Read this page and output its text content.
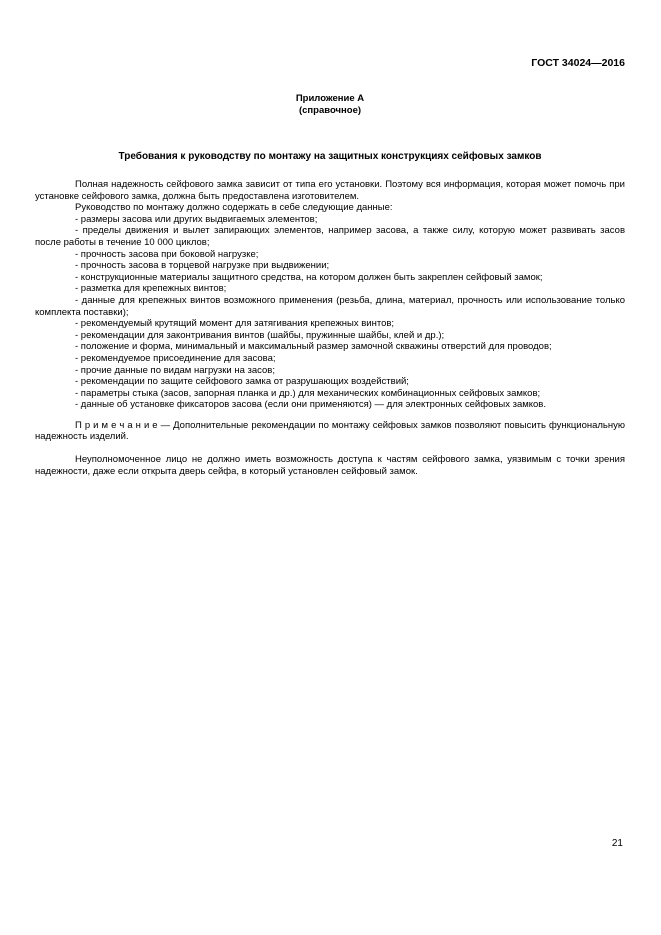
ГОСТ 34024—2016
Приложение А
(справочное)
Требования к руководству по монтажу на защитных конструкциях сейфовых замков

Полная надежность сейфового замка зависит от типа его установки. Поэтому вся информация, которая может помочь при установке сейфового замка, должна быть предоставлена изготовителем.

Руководство по монтажу должно содержать в себе следующие данные:

- размеры засова или других выдвигаемых элементов;

- пределы движения и вылет запирающих элементов, например засова, а также силу, которую может развивать засов после работы в течение 10 000 циклов;

- прочность засова при боковой нагрузке;

- прочность засова в торцевой нагрузке при выдвижении;

- конструкционные материалы защитного средства, на котором должен быть закреплен сейфовый замок;

- разметка для крепежных винтов;

- данные для крепежных винтов возможного применения (резьба, длина, материал, прочность или использование только комплекта поставки);

- рекомендуемый крутящий момент для затягивания крепежных винтов;

- рекомендации для законтривания винтов (шайбы, пружинные шайбы, клей и др.);

- положение и форма, минимальный и максимальный размер замочной скважины отверстий для проводов;

- рекомендуемое присоединение для засова;

- прочие данные по видам нагрузки на засов;

- рекомендации по защите сейфового замка от разрушающих воздействий;

- параметры стыка (засов, запорная планка и др.) для механических комбинационных сейфовых замков;

- данные об установке фиксаторов засова (если они применяются) — для электронных сейфовых замков.

П р и м е ч а н и е — Дополнительные рекомендации по монтажу сейфовых замков позволяют повысить функциональную надежность изделий.

Неуполномоченное лицо не должно иметь возможность доступа к частям сейфового замка, уязвимым с точки зрения надежности, даже если открыта дверь сейфа, в который установлен сейфовый замок.

21
